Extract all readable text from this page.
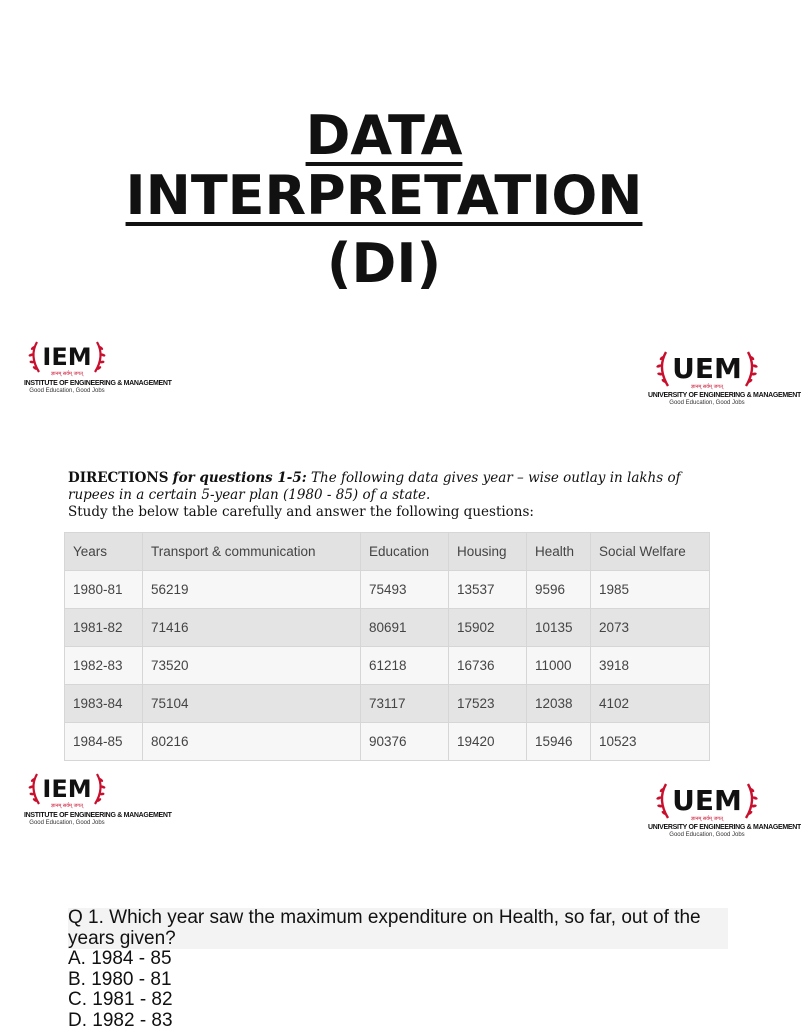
DATA
INTERPRETATION
(DI)
IEM
ज्ञानम् सर्वम् जगत्
INSTITUTE OF ENGINEERING & MANAGEMENT
Good Education, Good Jobs
UEM
ज्ञानम् सर्वम् जगत्
UNIVERSITY OF ENGINEERING & MANAGEMENT
Good Education, Good Jobs
DIRECTIONS for questions 1-5: The following data gives year – wise outlay in lakhs of rupees in a certain 5-year plan (1980 - 85) of a state.
Study the below table carefully and answer the following questions:
Years	Transport & communication	Education	Housing	Health	Social Welfare
1980-81	56219	75493	13537	9596	1985
1981-82	71416	80691	15902	10135	2073
1982-83	73520	61218	16736	11000	3918
1983-84	75104	73117	17523	12038	4102
1984-85	80216	90376	19420	15946	10523
IEM
ज्ञानम् सर्वम् जगत्
INSTITUTE OF ENGINEERING & MANAGEMENT
Good Education, Good Jobs
UEM
ज्ञानम् सर्वम् जगत्
UNIVERSITY OF ENGINEERING & MANAGEMENT
Good Education, Good Jobs
Q 1. Which year saw the maximum expenditure on Health, so far, out of the years given?
A. 1984 - 85
B. 1980 - 81
C. 1981 - 82
D. 1982 - 83
